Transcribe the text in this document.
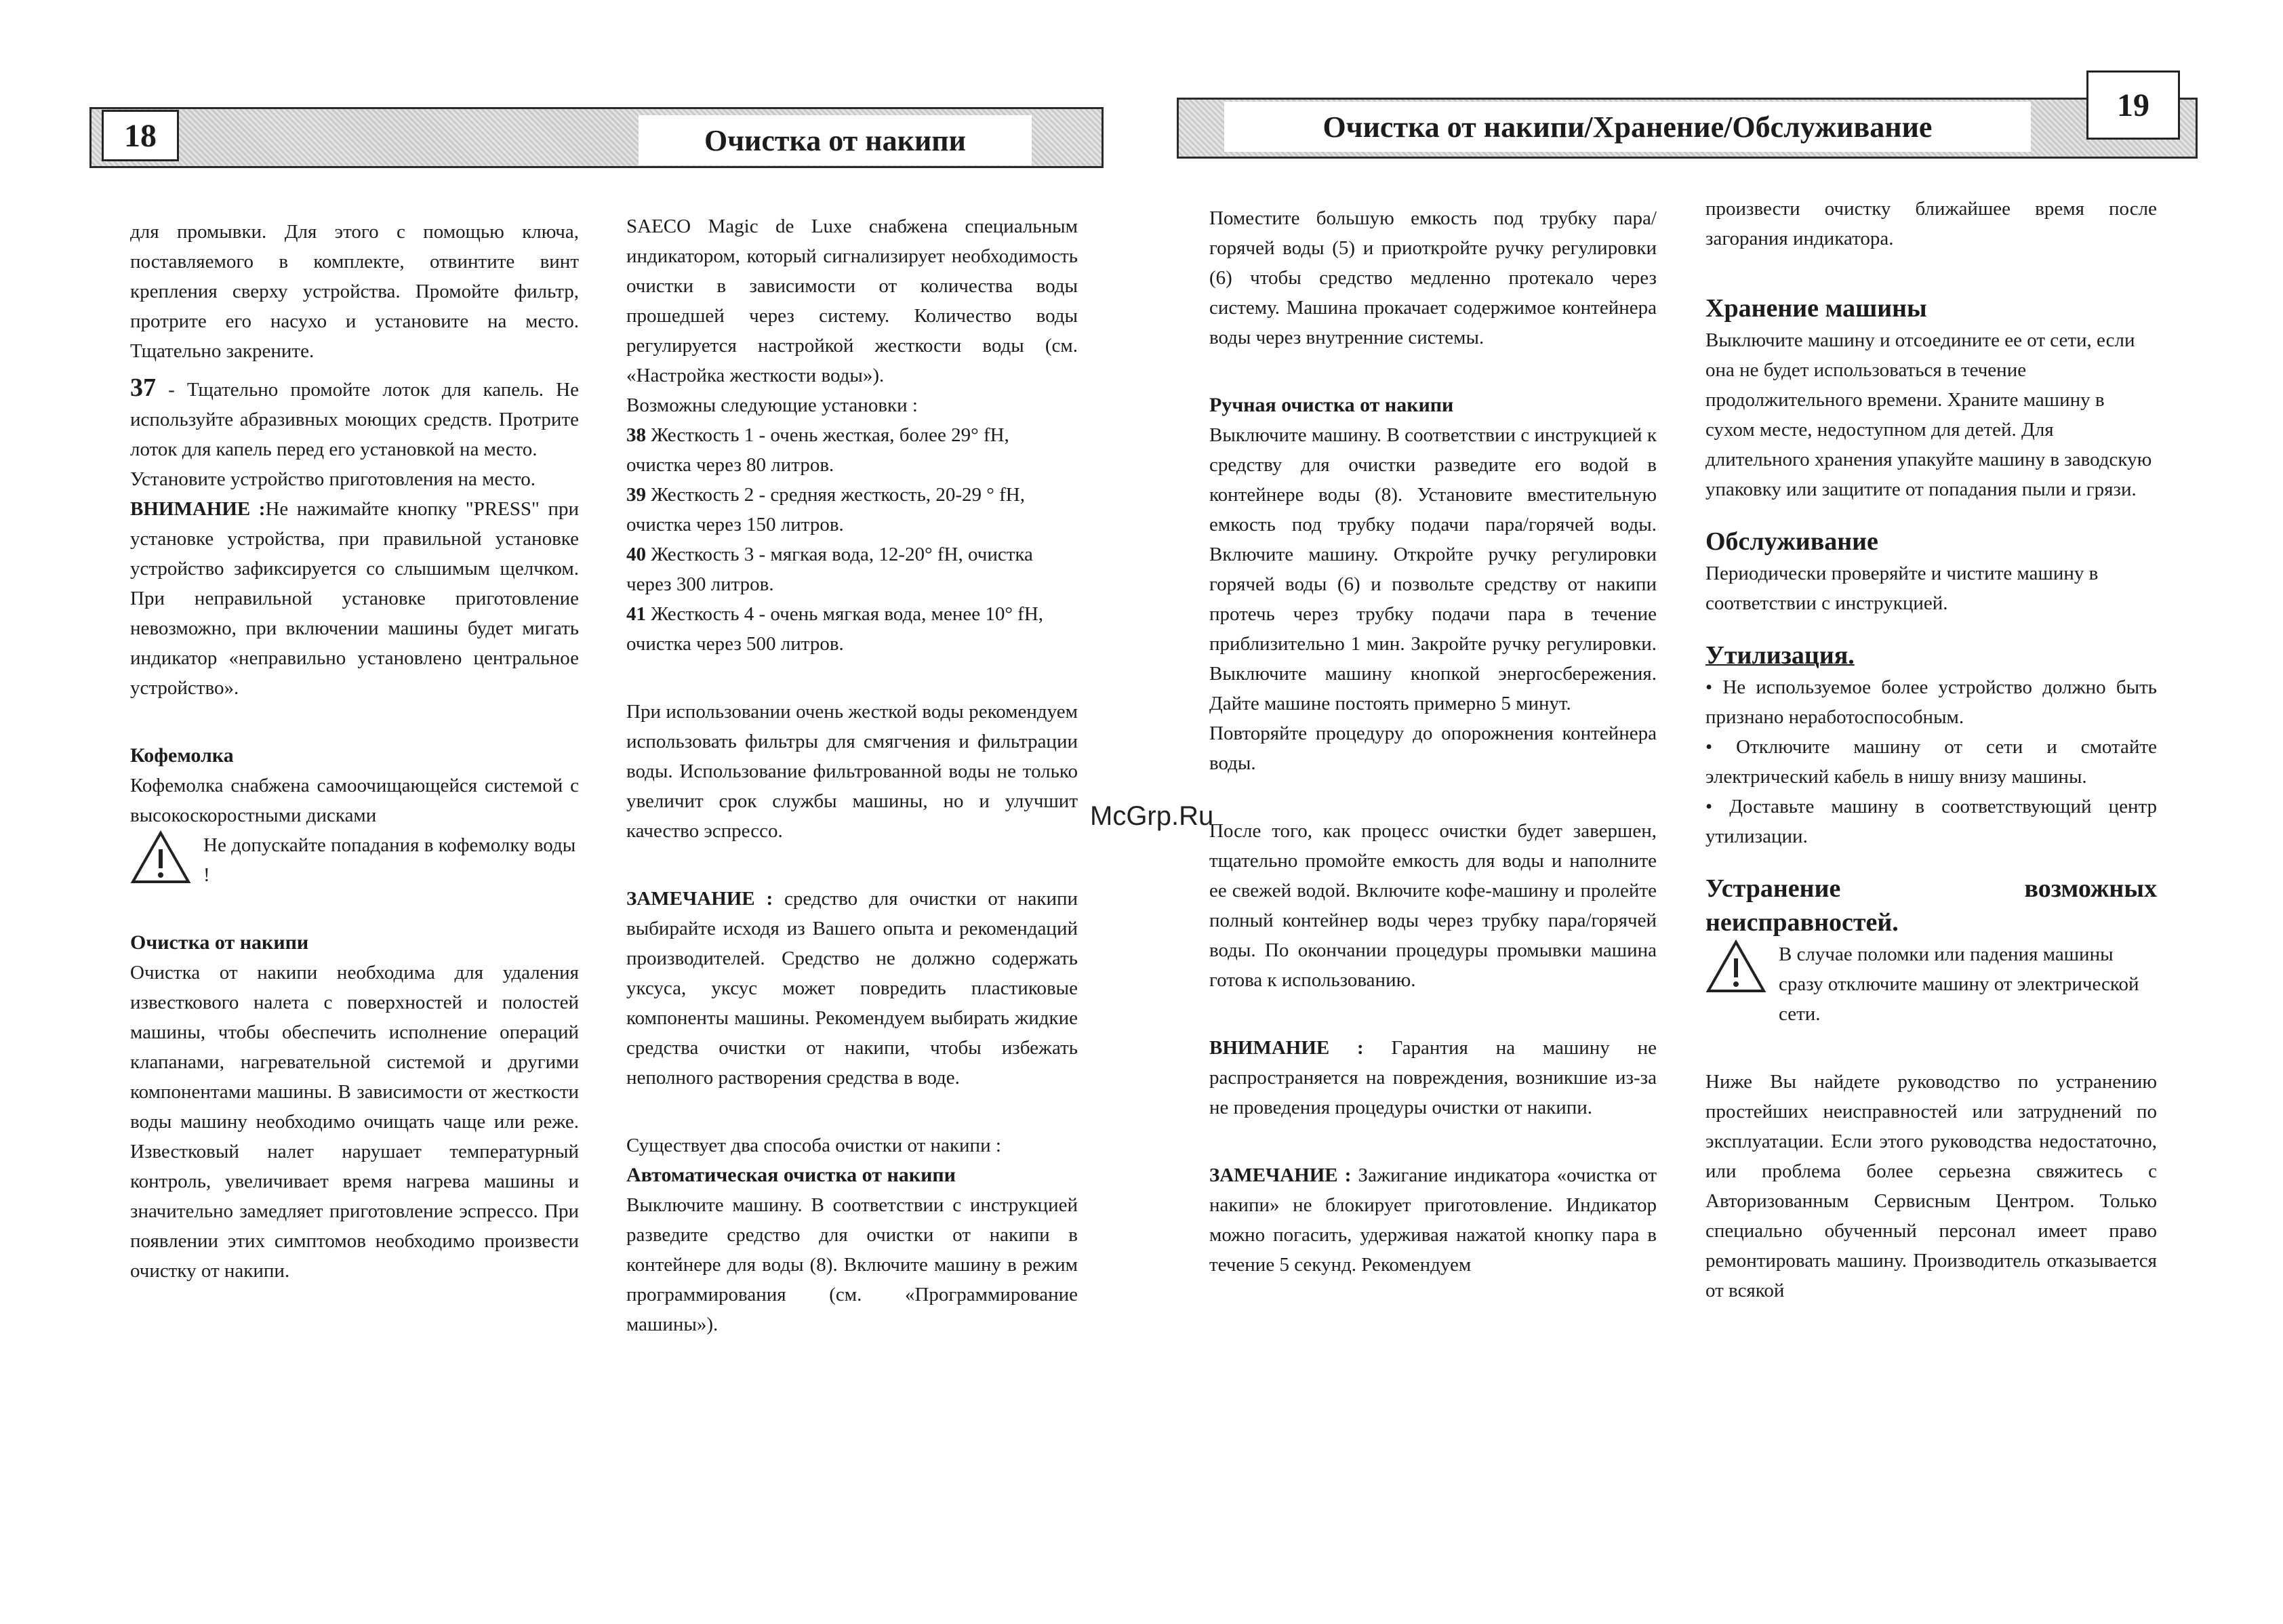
18	Очистка от накипи	Очистка от накипи/Хранение/Обслуживание
19

для промывки. Для этого с помощью ключа, поставляемого в комплекте, отвинтите винт крепления сверху устройства. Промойте фильтр, протрите его насухо и установите на место. Тщательно закрените.

37 - Тщательно промойте лоток для капель. Не используйте абразивных моющих средств. Протрите лоток для капель перед его установкой на место.

Установите устройство приготовления на место.

ВНИМАНИЕ :Не нажимайте кнопку "PRESS" при установке устройства, при правильной установке устройство зафиксируется со слышимым щелчком. При неправильной установке приготовление невозможно, при включении машины будет мигать индикатор «неправильно установлено центральное устройство».

Кофемолка

Кофемолка снабжена самоочищающейся системой с высокоскоростными дисками

Не допускайте попадания в кофемолку воды !

Очистка от накипи

Очистка от накипи необходима для удаления известкового налета с поверхностей и полостей машины, чтобы обеспечить исполнение операций клапанами, нагревательной системой и другими компонентами машины. В зависимости от жесткости воды машину необходимо очищать чаще или реже. Известковый налет нарушает температурный контроль, увеличивает время нагрева машины и значительно замедляет приготовление эспрессо. При появлении этих симптомов необходимо произвести очистку от накипи.

SAECO Magic de Luxe снабжена специальным индикатором, который сигнализирует необходимость очистки в зависимости от количества воды прошедшей через систему. Количество воды регулируется настройкой жесткости воды (см. «Настройка жесткости воды»).

Возможны следующие установки :

38 Жесткость 1 - очень жесткая, более 29° fH, очистка через 80 литров.

39 Жесткость 2 - средняя жесткость, 20-29 ° fH, очистка через 150 литров.

40 Жесткость 3 - мягкая вода, 12-20° fH, очистка через 300 литров.

41 Жесткость 4 - очень мягкая вода, менее 10° fH, очистка через 500 литров.

При использовании очень жесткой воды рекомендуем использовать фильтры для смягчения и фильтрации воды. Использование фильтрованной воды не только увеличит срок службы машины, но и улучшит качество эспрессо.

ЗАМЕЧАНИЕ : средство для очистки от накипи выбирайте исходя из Вашего опыта и рекомендаций производителей. Средство не должно содержать уксуса, уксус может повредить пластиковые компоненты машины. Рекомендуем выбирать жидкие средства очистки от накипи, чтобы избежать неполного растворения средства в воде.

Существует два способа очистки от накипи :

Автоматическая очистка от накипи

Выключите машину. В соответствии с инструкцией разведите средство для очистки от накипи в контейнере для воды (8). Включите машину в режим программирования (см. «Программирование машины»).

McGrp.Ru

Поместите большую емкость под трубку пара/горячей воды (5) и приоткройте ручку регулировки (6) чтобы средство медленно протекало через систему. Машина прокачает содержимое контейнера воды через внутренние системы.

Ручная очистка от накипи

Выключите машину. В соответствии с инструкцией к средству для очистки разведите его водой в контейнере воды (8). Установите вместительную емкость под трубку подачи пара/горячей воды. Включите машину. Откройте ручку регулировки горячей воды (6) и позвольте средству от накипи протечь через трубку подачи пара в течение приблизительно 1 мин. Закройте ручку регулировки. Выключите машину кнопкой энергосбережения. Дайте машине постоять примерно 5 минут.

Повторяйте процедуру до опорожнения контейнера воды.

После того, как процесс очистки будет завершен, тщательно промойте емкость для воды и наполните ее свежей водой. Включите кофе-машину и пролейте полный контейнер воды через трубку пара/горячей воды. По окончании процедуры промывки машина готова к использованию.

ВНИМАНИЕ : Гарантия на машину не распространяется на повреждения, возникшие из-за не проведения процедуры очистки от накипи.

ЗАМЕЧАНИЕ : Зажигание индикатора «очистка от накипи» не блокирует приготовление. Индикатор можно погасить, удерживая нажатой кнопку пара в течение 5 секунд. Рекомендуем

произвести очистку ближайшее время после загорания индикатора.

Хранение машины

Выключите машину и отсоедините ее от сети, если она не будет использоваться в течение продолжительного времени. Храните машину в сухом месте, недоступном для детей. Для длительного хранения упакуйте машину в заводскую упаковку или защитите от попадания пыли и грязи.

Обслуживание

Периодически проверяйте и чистите машину в соответствии с инструкцией.

Утилизация.

• Не используемое более устройство должно быть признано неработоспособным.
• Отключите машину от сети и смотайте электрический кабель в нишу внизу машины.
• Доставьте машину в соответствующий центр утилизации.

Устранение возможных неисправностей.

В случае поломки или падения машины сразу отключите машину от электрической сети.

Ниже Вы найдете руководство по устранению простейших неисправностей или затруднений по эксплуатации. Если этого руководства недостаточно, или проблема более серьезна свяжитесь с Авторизованным Сервисным Центром. Только специально обученный персонал имеет право ремонтировать машину. Производитель отказывается от всякой
